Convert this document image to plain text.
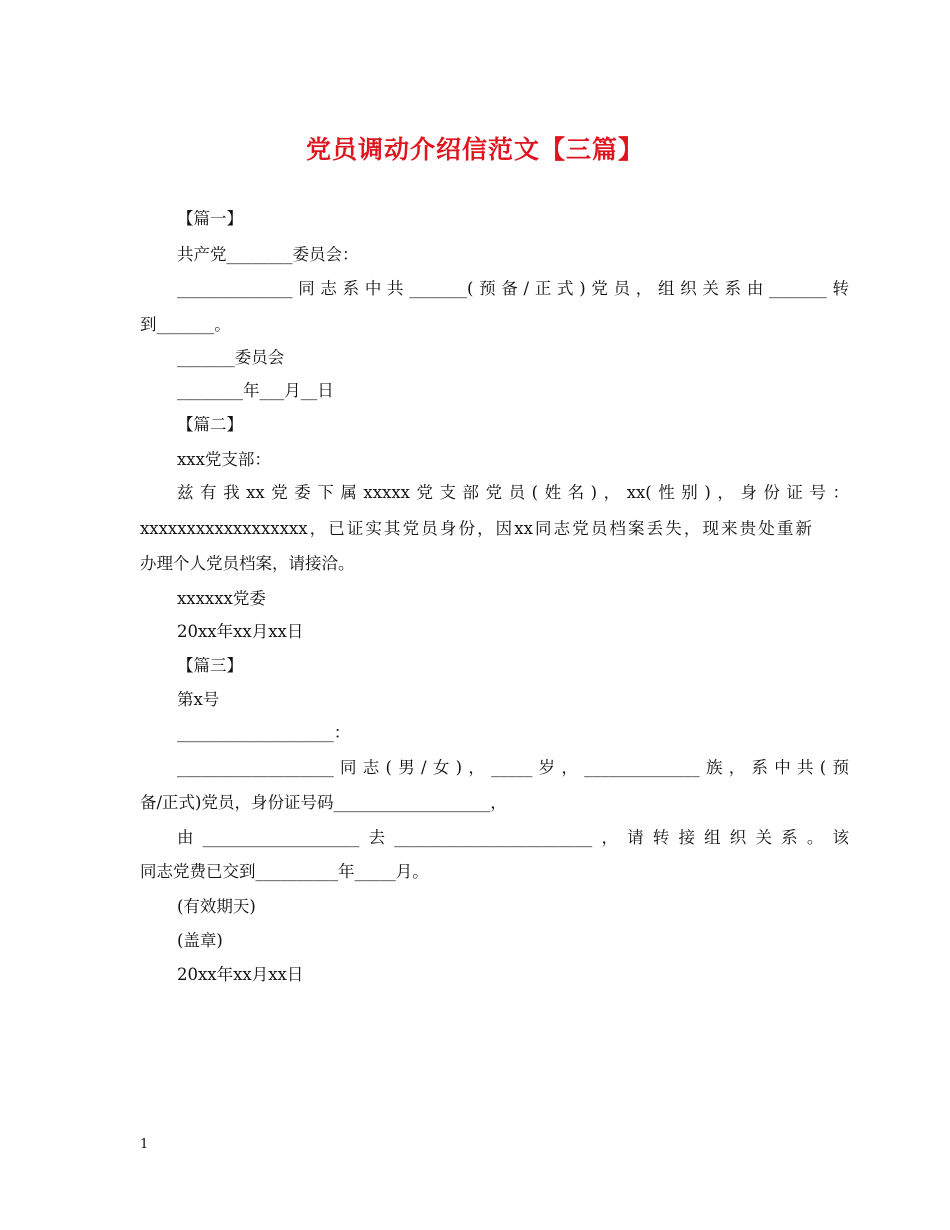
党员调动介绍信范文【三篇】
【篇一】
共产党________委员会：
______________同志系中共_______(预备/正式)党员，组织关系由_______转
到_______。
_______委员会
________年___月__日
【篇二】
xxx党支部：
兹有我xx党委下属xxxxx党支部党员(姓名)，xx(性别)，身份证号：
xxxxxxxxxxxxxxxxxx，已证实其党员身份，因xx同志党员档案丢失，现来贵处重新
办理个人党员档案，请接洽。
xxxxxx党委
20xx年xx月xx日
【篇三】
第x号
___________________：
___________________同志(男/女)，_____岁，______________族，系中共(预
备/正式)党员，身份证号码___________________，
由___________________去________________________，请转接组织关系。该
同志党费已交到__________年_____月。
(有效期天)
(盖章)
20xx年xx月xx日
1
